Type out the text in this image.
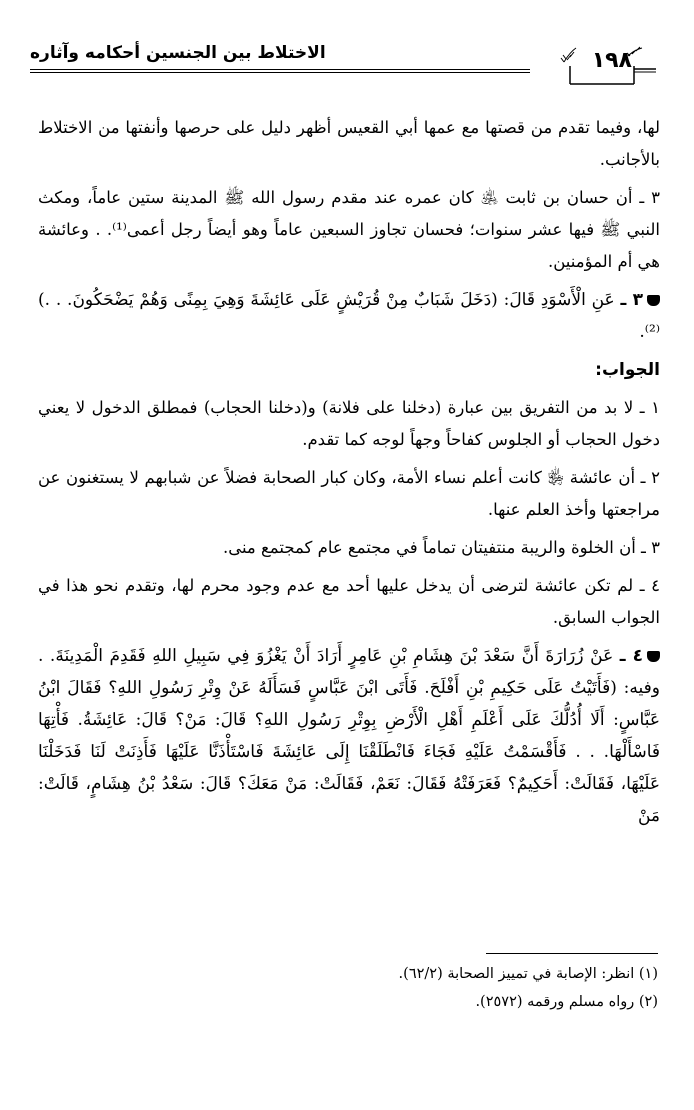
الاختلاط بين الجنسين أحكامه وآثاره	١٩٨

لها، وفيما تقدم من قصتها مع عمها أبي القعيس أظهر دليل على حرصها وأنفتها من الاختلاط بالأجانب.

٣ ـ أن حسان بن ثابت ﵁ كان عمره عند مقدم رسول الله ﷺ المدينة ستين عاماً، ومكث النبي ﷺ فيها عشر سنوات؛ فحسان تجاوز السبعين عاماً وهو أيضاً رجل أعمى⁽¹⁾. . وعائشة هي أم المؤمنين.

٣ ـ عَنِ الْأَسْوَدِ قَالَ: (دَخَلَ شَبَابٌ مِنْ قُرَيْشٍ عَلَى عَائِشَةَ وَهِيَ بِمِنًى وَهُمْ يَضْحَكُونَ. . .)⁽²⁾.

الجواب:

١ ـ لا بد من التفريق بين عبارة (دخلنا على فلانة) و(دخلنا الحجاب) فمطلق الدخول لا يعني دخول الحجاب أو الجلوس كفاحاً وجهاً لوجه كما تقدم.

٢ ـ أن عائشة ﵂ كانت أعلم نساء الأمة، وكان كبار الصحابة فضلاً عن شبابهم لا يستغنون عن مراجعتها وأخذ العلم عنها.

٣ ـ أن الخلوة والريبة منتفيتان تماماً في مجتمع عام كمجتمع منى.

٤ ـ لم تكن عائشة لترضى أن يدخل عليها أحد مع عدم وجود محرم لها، وتقدم نحو هذا في الجواب السابق.

٤ ـ عَنْ زُرَارَةَ أَنَّ سَعْدَ بْنَ هِشَامِ بْنِ عَامِرٍ أَرَادَ أَنْ يَغْزُوَ فِي سَبِيلِ اللهِ فَقَدِمَ الْمَدِينَةَ. . وفيه: (فَأَتَيْتُ عَلَى حَكِيمِ بْنِ أَفْلَحَ. فَأَتَى ابْنَ عَبَّاسٍ فَسَأَلَهُ عَنْ وِتْرِ رَسُولِ اللهِ؟ فَقَالَ ابْنُ عَبَّاسٍ: أَلَا أُدُلُّكَ عَلَى أَعْلَمِ أَهْلِ الْأَرْضِ بِوِتْرِ رَسُولِ اللهِ؟ قَالَ: مَنْ؟ قَالَ: عَائِشَةُ. فَأْتِهَا فَاسْأَلْهَا. . . فَأَقْسَمْتُ عَلَيْهِ فَجَاءَ فَانْطَلَقْنَا إِلَى عَائِشَةَ فَاسْتَأْذَنَّا عَلَيْهَا فَأَذِنَتْ لَنَا فَدَخَلْنَا عَلَيْهَا، فَقَالَتْ: أَحَكِيمٌ؟ فَعَرَفَتْهُ فَقَالَ: نَعَمْ، فَقَالَتْ: مَنْ مَعَكَ؟ قَالَ: سَعْدُ بْنُ هِشَامٍ، قَالَتْ: مَنْ

(١) انظر: الإصابة في تمييز الصحابة (٦٢/٢).
(٢) رواه مسلم ورقمه (٢٥٧٢).
